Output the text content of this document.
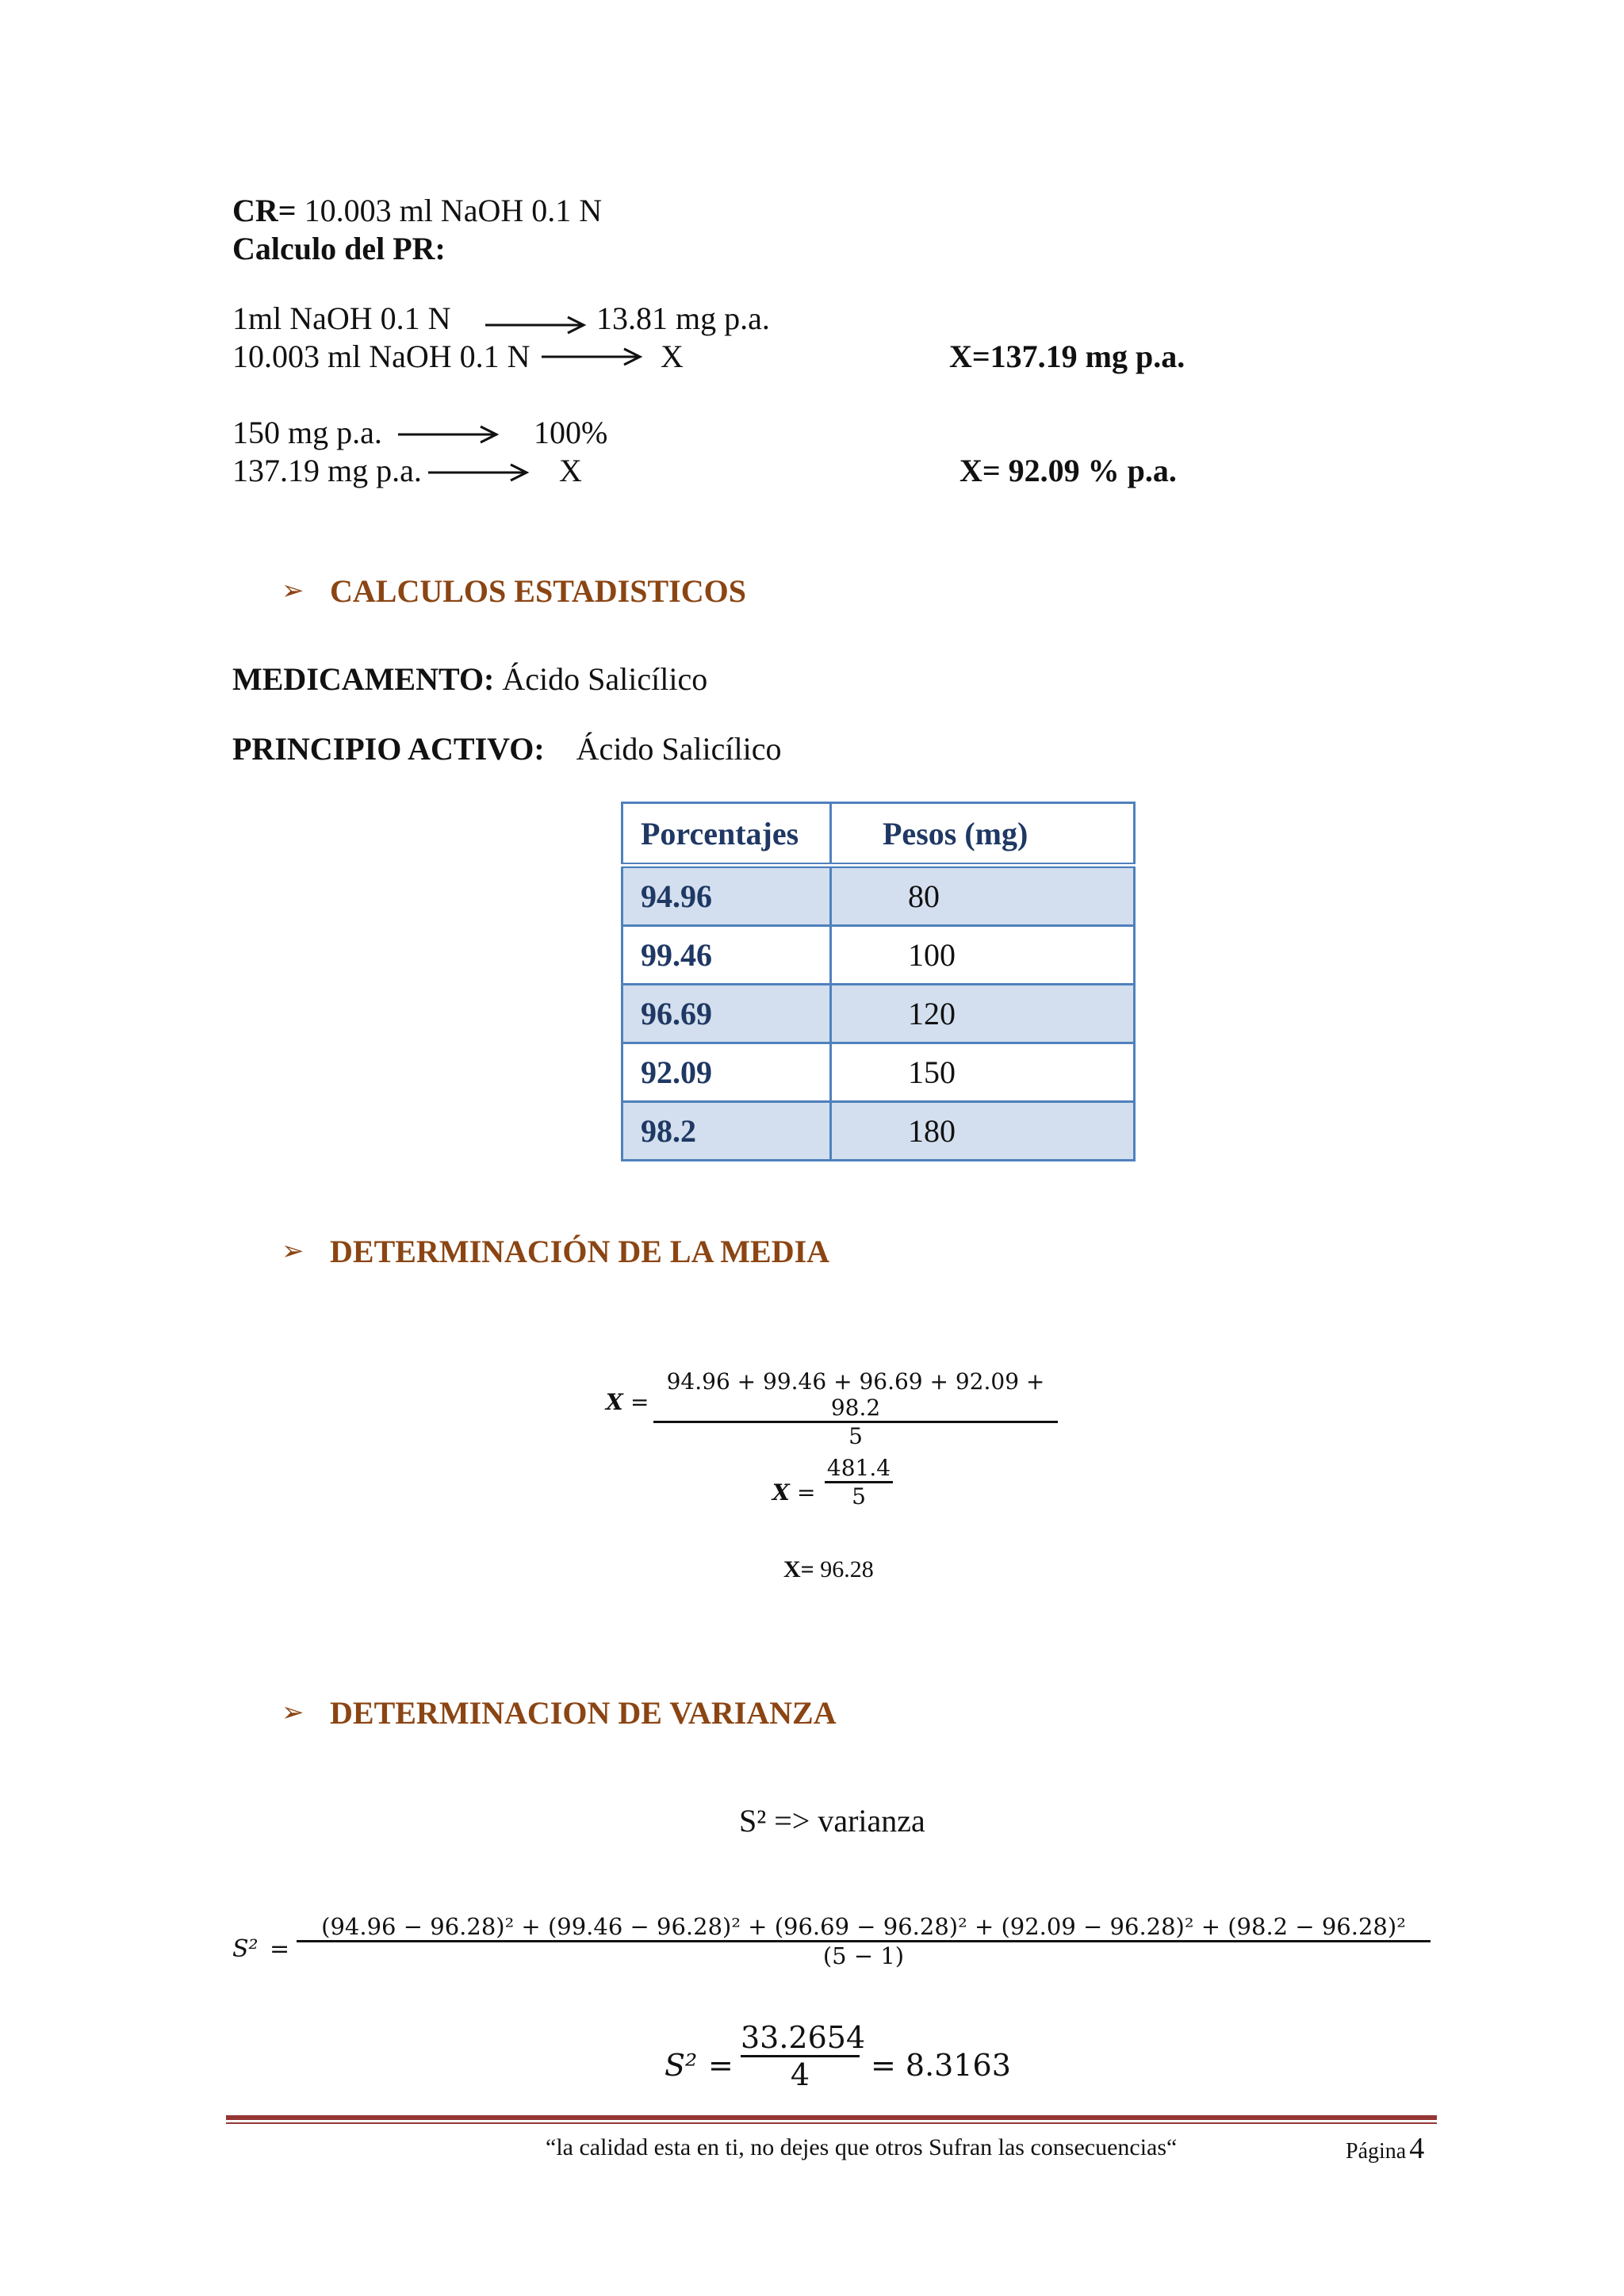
CR= 10.003 ml NaOH 0.1 N
Calculo del PR:
1ml NaOH 0.1 N	13.81 mg p.a.
10.003 ml NaOH 0.1 N	X	X=137.19 mg p.a.
150 mg p.a.	100%
137.19 mg p.a.	X	X= 92.09 % p.a.
➢ CALCULOS ESTADISTICOS
MEDICAMENTO: Ácido Salicílico
PRINCIPIO ACTIVO: Ácido Salicílico
Porcentajes	Pesos (mg)
94.96	80
99.46	100
96.69	120
92.09	150
98.2	180
➢ DETERMINACIÓN DE LA MEDIA
X =
94.96 + 99.46 + 96.69 + 92.09 + 98.2
5
X =
481.4
5
X= 96.28
➢ DETERMINACION DE VARIANZA
S² => varianza
S² =
(94.96 − 96.28)² + (99.46 − 96.28)² + (96.69 − 96.28)² + (92.09 − 96.28)² + (98.2 − 96.28)²
(5 − 1)
S² =
33.2654
4	= 8.3163
“la calidad esta en ti, no dejes que otros Sufran las consecuencias“	Página 4
